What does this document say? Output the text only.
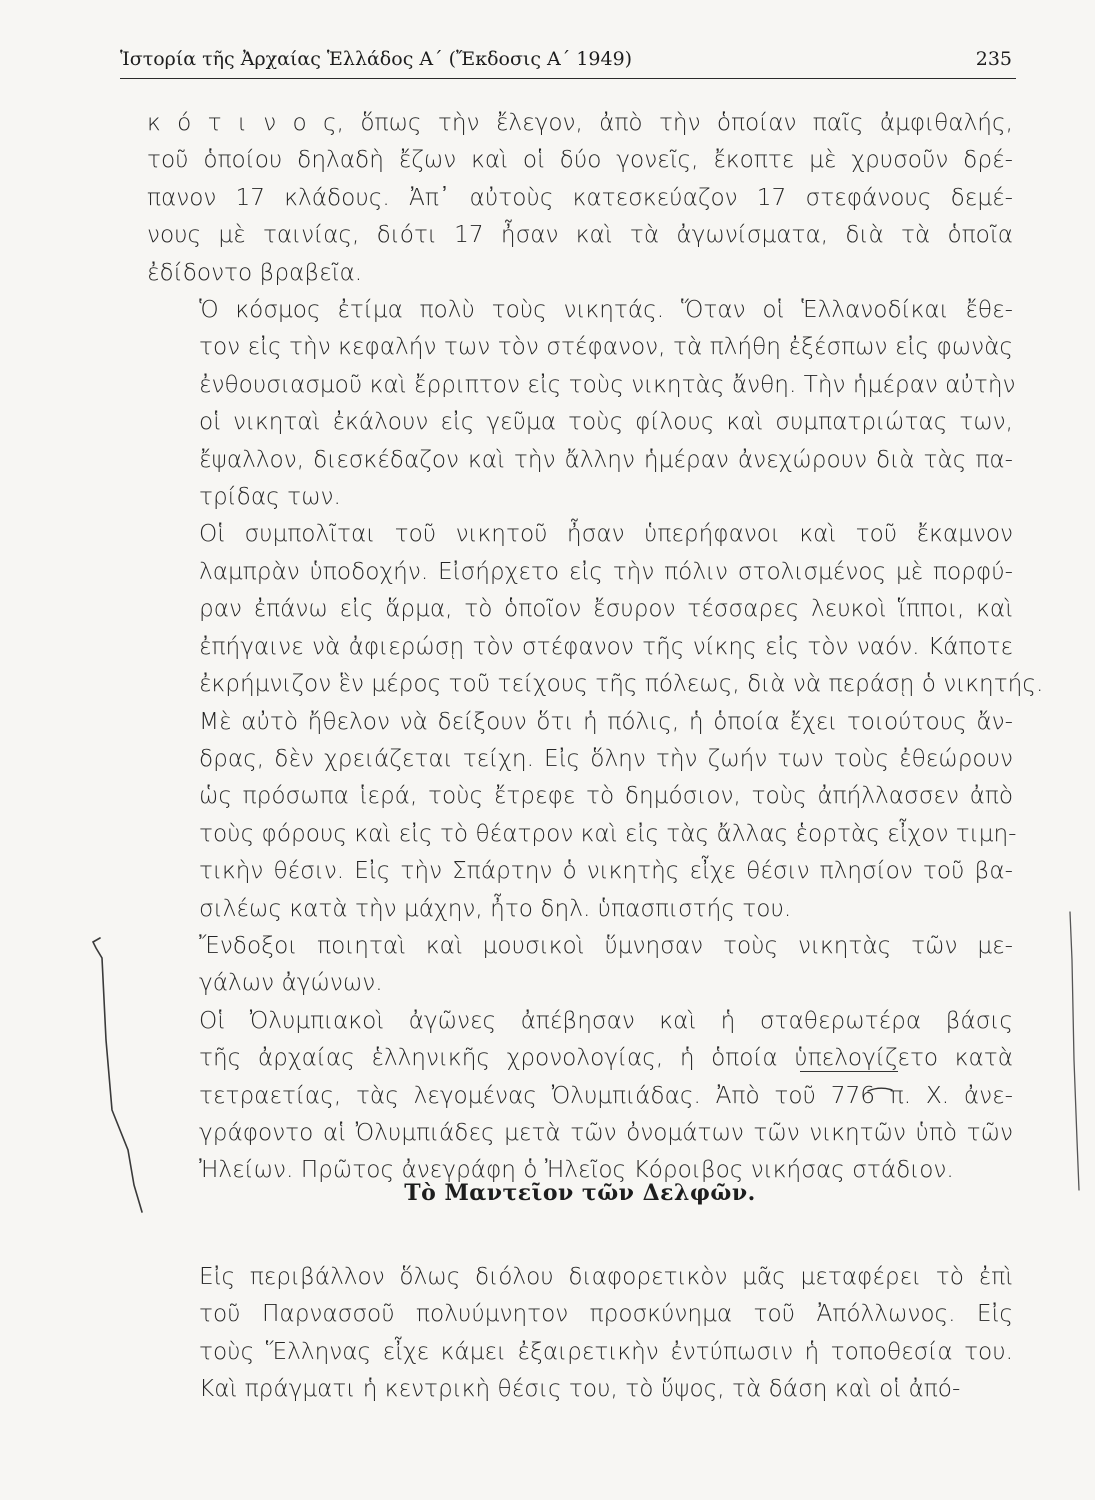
Ἱστορία τῆς Ἀρχαίας Ἑλλάδος Α΄ (Ἔκδοσις Α΄ 1949)	235

κ ό τ ι ν ο ς, ὅπως τὴν ἔλεγον, ἀπὸ τὴν ὁποίαν παῖς ἀμφιθαλής,
τοῦ ὁποίου δηλαδὴ ἔζων καὶ οἱ δύο γονεῖς, ἔκοπτε μὲ χρυσοῦν δρέ-
πανον 17 κλάδους. Ἀπ᾽ αὐτοὺς κατεσκεύαζον 17 στεφάνους δεμέ-
νους μὲ ταινίας, διότι 17 ἦσαν καὶ τὰ ἀγωνίσματα, διὰ τὰ ὁποῖα
ἐδίδοντο βραβεῖα.

Ὁ κόσμος ἐτίμα πολὺ τοὺς νικητάς. Ὅταν οἱ Ἑλλανοδίκαι ἔθε-
τον εἰς τὴν κεφαλήν των τὸν στέφανον, τὰ πλήθη ἐξέσπων εἰς φωνὰς
ἐνθουσιασμοῦ καὶ ἔρριπτον εἰς τοὺς νικητὰς ἄνθη. Τὴν ἡμέραν αὐτὴν
οἱ νικηταὶ ἐκάλουν εἰς γεῦμα τοὺς φίλους καὶ συμπατριώτας των,
ἔψαλλον, διεσκέδαζον καὶ τὴν ἄλλην ἡμέραν ἀνεχώρουν διὰ τὰς πα-
τρίδας των.

Οἱ συμπολῖται τοῦ νικητοῦ ἦσαν ὑπερήφανοι καὶ τοῦ ἔκαμνον
λαμπρὰν ὑποδοχήν. Εἰσήρχετο εἰς τὴν πόλιν στολισμένος μὲ πορφύ-
ραν ἐπάνω εἰς ἅρμα, τὸ ὁποῖον ἔσυρον τέσσαρες λευκοὶ ἵπποι, καὶ
ἐπήγαινε νὰ ἀφιερώσῃ τὸν στέφανον τῆς νίκης εἰς τὸν ναόν. Κάποτε
ἐκρήμνιζον ἓν μέρος τοῦ τείχους τῆς πόλεως, διὰ νὰ περάσῃ ὁ νικητής.
Μὲ αὐτὸ ἤθελον νὰ δείξουν ὅτι ἡ πόλις, ἡ ὁποία ἔχει τοιούτους ἄν-
δρας, δὲν χρειάζεται τείχη. Εἰς ὅλην τὴν ζωήν των τοὺς ἐθεώρουν
ὡς πρόσωπα ἱερά, τοὺς ἔτρεφε τὸ δημόσιον, τοὺς ἀπήλλασσεν ἀπὸ
τοὺς φόρους καὶ εἰς τὸ θέατρον καὶ εἰς τὰς ἄλλας ἑορτὰς εἶχον τιμη-
τικὴν θέσιν. Εἰς τὴν Σπάρτην ὁ νικητὴς εἶχε θέσιν πλησίον τοῦ βα-
σιλέως κατὰ τὴν μάχην, ἦτο δηλ. ὑπασπιστής του.

Ἔνδοξοι ποιηταὶ καὶ μουσικοὶ ὕμνησαν τοὺς νικητὰς τῶν με-
γάλων ἀγώνων.

Οἱ Ὀλυμπιακοὶ ἀγῶνες ἀπέβησαν καὶ ἡ σταθερωτέρα βάσις
τῆς ἀρχαίας ἑλληνικῆς χρονολογίας, ἡ ὁποία ὑπελογίζετο κατὰ
τετραετίας, τὰς λεγομένας Ὀλυμπιάδας. Ἀπὸ τοῦ 776 π. Χ. ἀνε-
γράφοντο αἱ Ὀλυμπιάδες μετὰ τῶν ὀνομάτων τῶν νικητῶν ὑπὸ τῶν
Ἠλείων. Πρῶτος ἀνεγράφη ὁ Ἠλεῖος Κόροιβος νικήσας στάδιον.

Τὸ Μαντεῖον τῶν Δελφῶν.

Εἰς περιβάλλον ὅλως διόλου διαφορετικὸν μᾶς μεταφέρει τὸ ἐπὶ
τοῦ Παρνασσοῦ πολυύμνητον προσκύνημα τοῦ Ἀπόλλωνος. Εἰς
τοὺς Ἕλληνας εἶχε κάμει ἐξαιρετικὴν ἐντύπωσιν ἡ τοποθεσία του.
Καὶ πράγματι ἡ κεντρικὴ θέσις του, τὸ ὕψος, τὰ δάση καὶ οἱ ἀπό-
